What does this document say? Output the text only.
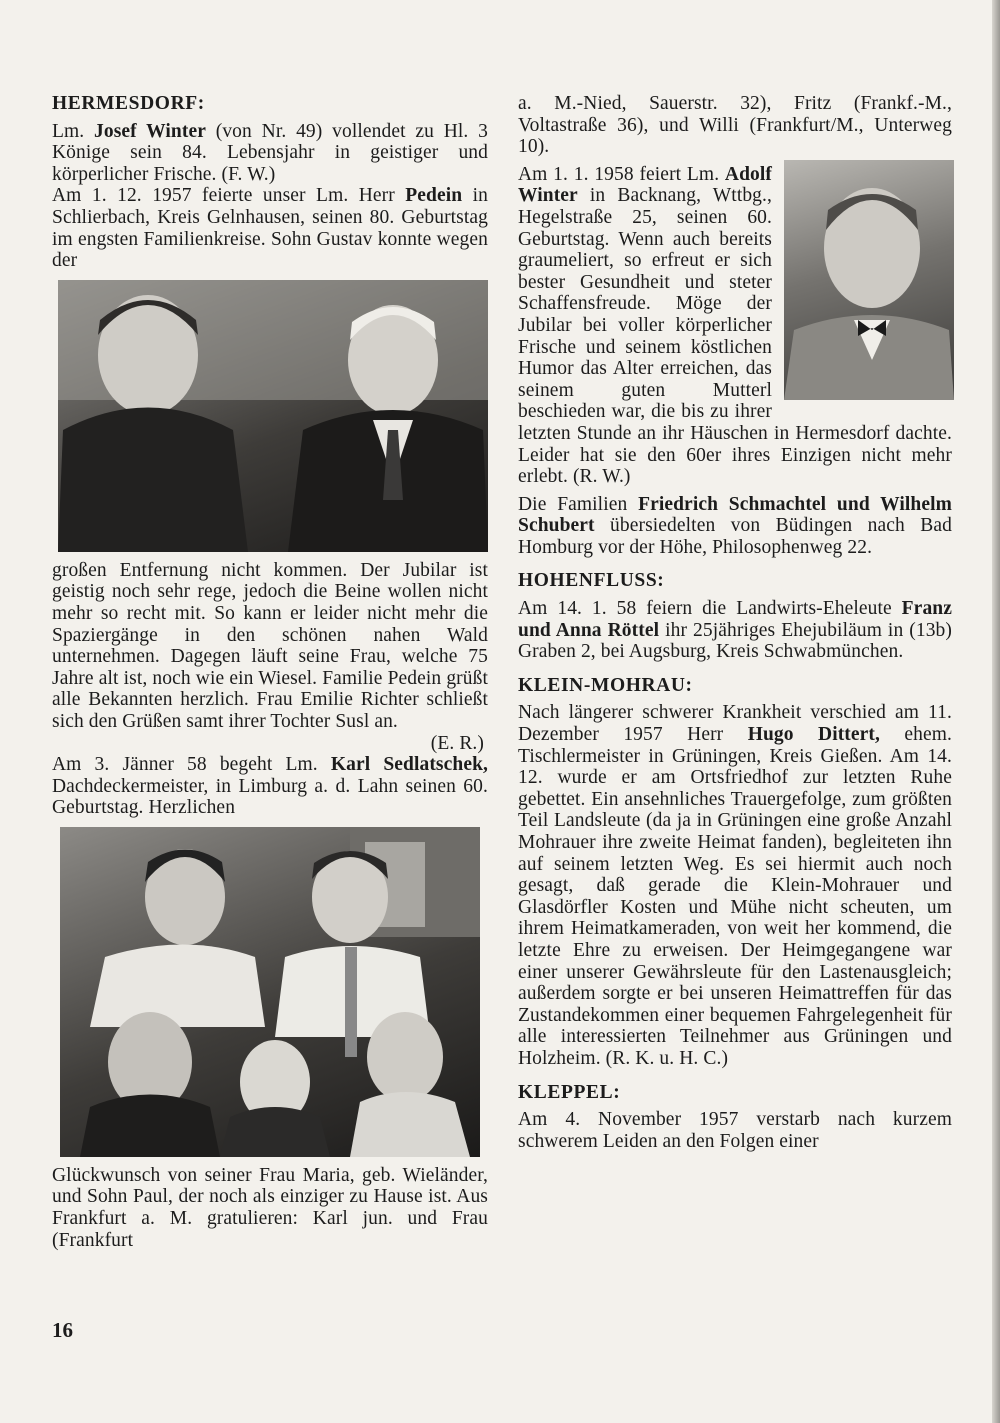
HERMESDORF:

Lm. Josef Winter (von Nr. 49) vollendet zu Hl. 3 Könige sein 84. Lebensjahr in geistiger und körperlicher Frische. (F. W.)

Am 1. 12. 1957 feierte unser Lm. Herr Pedein in Schlierbach, Kreis Gelnhausen, seinen 80. Geburtstag im engsten Familienkreise. Sohn Gustav konnte wegen der

großen Entfernung nicht kommen. Der Jubilar ist geistig noch sehr rege, jedoch die Beine wollen nicht mehr so recht mit. So kann er leider nicht mehr die Spaziergänge in den schönen nahen Wald unternehmen. Dagegen läuft seine Frau, welche 75 Jahre alt ist, noch wie ein Wiesel. Familie Pedein grüßt alle Bekannten herzlich. Frau Emilie Richter schließt sich den Grüßen samt ihrer Tochter Susl an.

(E. R.)

Am 3. Jänner 58 begeht Lm. Karl Sedlatschek, Dachdeckermeister, in Limburg a. d. Lahn seinen 60. Geburtstag. Herzlichen

Glückwunsch von seiner Frau Maria, geb. Wieländer, und Sohn Paul, der noch als einziger zu Hause ist. Aus Frankfurt a. M. gratulieren: Karl jun. und Frau (Frankfurt

a. M.-Nied, Sauerstr. 32), Fritz (Frankf.-M., Voltastraße 36), und Willi (Frankfurt/M., Unterweg 10).

Am 1. 1. 1958 feiert Lm. Adolf Winter in Backnang, Wttbg., Hegelstraße 25, seinen 60. Geburtstag. Wenn auch bereits graumeliert, so erfreut er sich bester Gesundheit und steter Schaffensfreude. Möge der Jubilar bei voller körperlicher Frische und seinem köstlichen Humor das Alter erreichen, das seinem guten Mutterl beschieden war, die bis zu ihrer letzten Stunde an ihr Häuschen in Hermesdorf dachte. Leider hat sie den 60er ihres Einzigen nicht mehr erlebt. (R. W.)

Die Familien Friedrich Schmachtel und Wilhelm Schubert übersiedelten von Büdingen nach Bad Homburg vor der Höhe, Philosophenweg 22.

HOHENFLUSS:

Am 14. 1. 58 feiern die Landwirts-Eheleute Franz und Anna Röttel ihr 25jähriges Ehejubiläum in (13b) Graben 2, bei Augsburg, Kreis Schwabmünchen.

KLEIN-MOHRAU:

Nach längerer schwerer Krankheit verschied am 11. Dezember 1957 Herr Hugo Dittert, ehem. Tischlermeister in Grüningen, Kreis Gießen. Am 14. 12. wurde er am Ortsfriedhof zur letzten Ruhe gebettet. Ein ansehnliches Trauergefolge, zum größten Teil Landsleute (da ja in Grüningen eine große Anzahl Mohrauer ihre zweite Heimat fanden), begleiteten ihn auf seinem letzten Weg. Es sei hiermit auch noch gesagt, daß gerade die Klein-Mohrauer und Glasdörfler Kosten und Mühe nicht scheuten, um ihrem Heimatkameraden, von weit her kommend, die letzte Ehre zu erweisen. Der Heimgegangene war einer unserer Gewährsleute für den Lastenausgleich; außerdem sorgte er bei unseren Heimattreffen für das Zustandekommen einer bequemen Fahrgelegenheit für alle interessierten Teilnehmer aus Grüningen und Holzheim. (R. K. u. H. C.)

KLEPPEL:

Am 4. November 1957 verstarb nach kurzem schwerem Leiden an den Folgen einer

16
